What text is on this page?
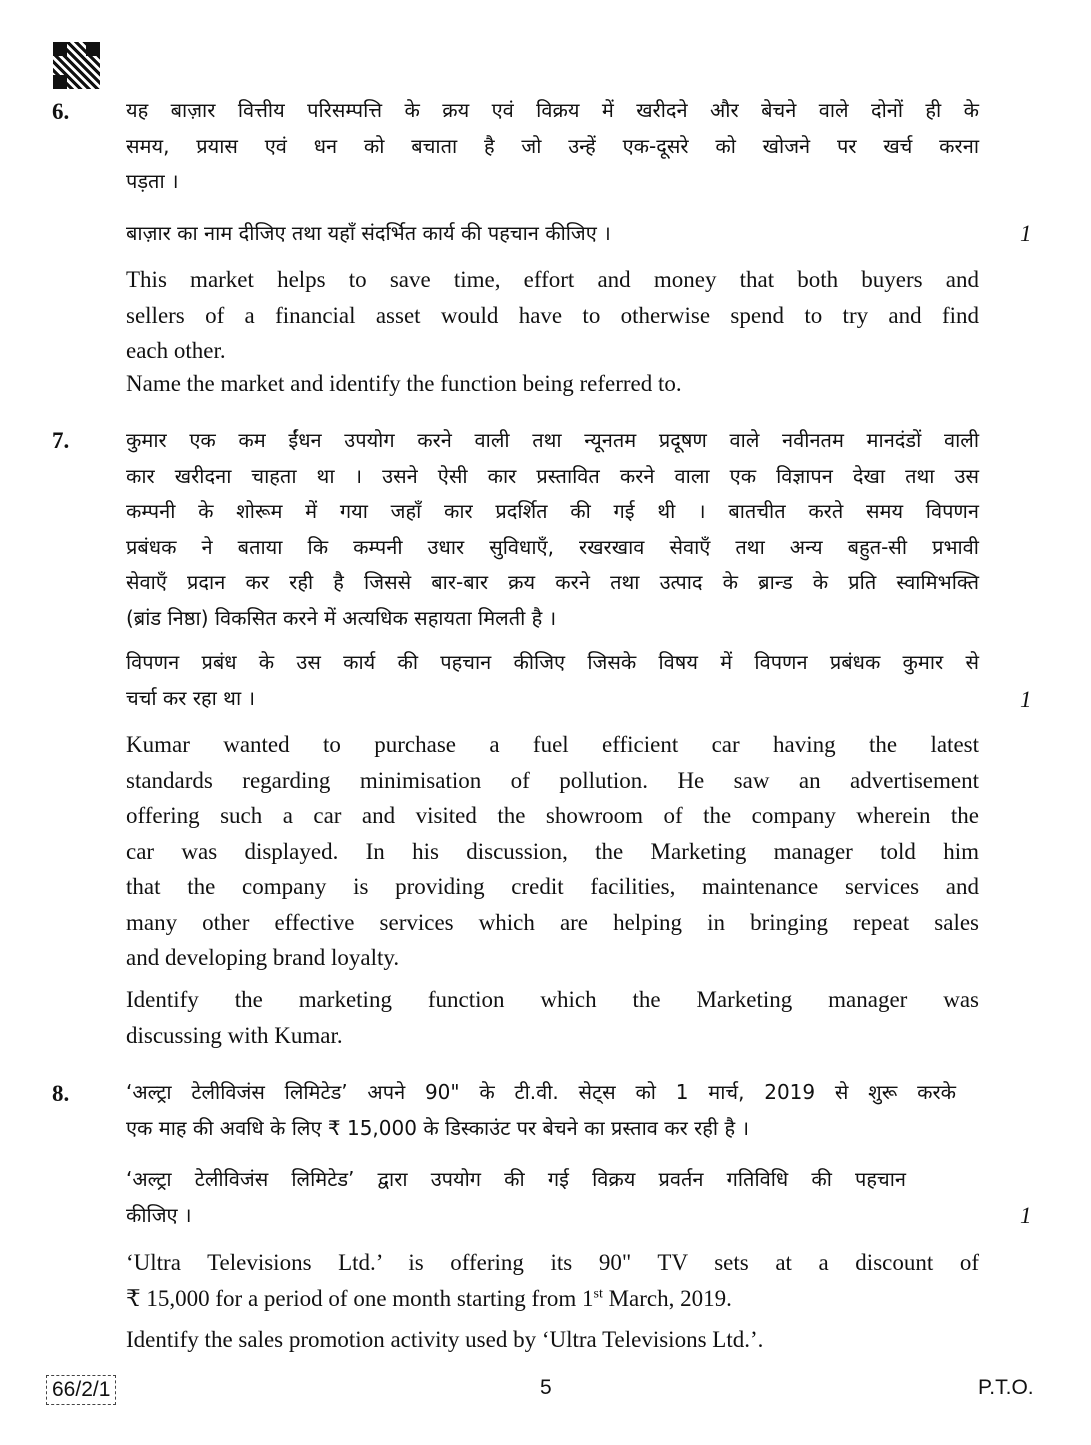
6.	यह बाज़ार वित्तीय परिसम्पत्ति के क्रय एवं विक्रय में खरीदने और बेचने वाले दोनों ही के
समय, प्रयास एवं धन को बचाता है जो उन्हें एक-दूसरे को खोजने पर खर्च करना
पड़ता ।
बाज़ार का नाम दीजिए तथा यहाँ संदर्भित कार्य की पहचान कीजिए ।	1
This market helps to save time, effort and money that both buyers and
sellers of a financial asset would have to otherwise spend to try and find
each other.
Name the market and identify the function being referred to.
7.	कुमार एक कम ईंधन उपयोग करने वाली तथा न्यूनतम प्रदूषण वाले नवीनतम मानदंडों वाली
कार खरीदना चाहता था । उसने ऐसी कार प्रस्तावित करने वाला एक विज्ञापन देखा तथा उस
कम्पनी के शोरूम में गया जहाँ कार प्रदर्शित की गई थी । बातचीत करते समय विपणन
प्रबंधक ने बताया कि कम्पनी उधार सुविधाएँ, रखरखाव सेवाएँ तथा अन्य बहुत-सी प्रभावी
सेवाएँ प्रदान कर रही है जिससे बार-बार क्रय करने तथा उत्पाद के ब्रान्ड के प्रति स्वामिभक्ति
(ब्रांड निष्ठा) विकसित करने में अत्यधिक सहायता मिलती है ।
विपणन प्रबंध के उस कार्य की पहचान कीजिए जिसके विषय में विपणन प्रबंधक कुमार से
चर्चा कर रहा था ।	1
Kumar wanted to purchase a fuel efficient car having the latest
standards regarding minimisation of pollution. He saw an advertisement
offering such a car and visited the showroom of the company wherein the
car was displayed. In his discussion, the Marketing manager told him
that the company is providing credit facilities, maintenance services and
many other effective services which are helping in bringing repeat sales
and developing brand loyalty.
Identify the marketing function which the Marketing manager was
discussing with Kumar.
8.	‘अल्ट्रा टेलीविजंस लिमिटेड’ अपने 90" के टी.वी. सेट्स को 1 मार्च, 2019 से शुरू करके
एक माह की अवधि के लिए ₹ 15,000 के डिस्काउंट पर बेचने का प्रस्ताव कर रही है ।
‘अल्ट्रा टेलीविजंस लिमिटेड’ द्वारा उपयोग की गई विक्रय प्रवर्तन गतिविधि की पहचान
कीजिए ।	1
‘Ultra Televisions Ltd.’ is offering its 90" TV sets at a discount of
₹ 15,000 for a period of one month starting from 1st March, 2019.
Identify the sales promotion activity used by ‘Ultra Televisions Ltd.’.
66/2/1	5	P.T.O.
